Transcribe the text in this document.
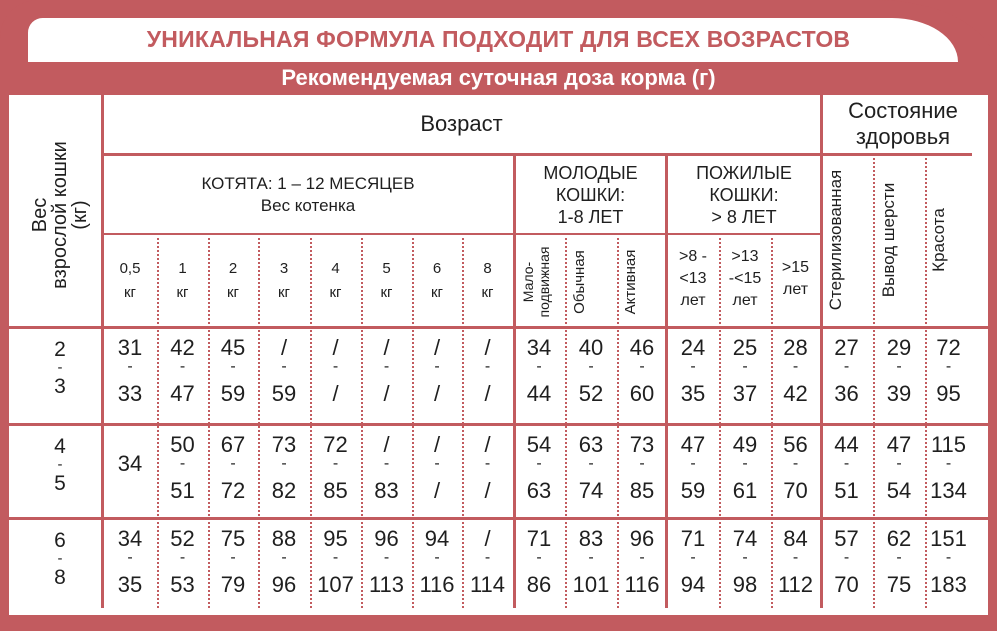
УНИКАЛЬНАЯ ФОРМУЛА ПОДХОДИТ ДЛЯ ВСЕХ ВОЗРАСТОВ
Рекомендуемая суточная доза корма (г)
Вес
взрослой кошки
(кг)
Возраст
Состояние
здоровья
КОТЯТА: 1 – 12 МЕСЯЦЕВ
Вес котенка
МОЛОДЫЕ
КОШКИ:
1-8 ЛЕТ
ПОЖИЛЫЕ
КОШКИ:
> 8 ЛЕТ
0,5
кг
1
кг
2
кг
3
кг
4
кг
5
кг
6
кг
8
кг Мало- подвижная Обычная Активная >8 -
<13
лет
>13
-<15
лет
>15
лет Стерилизованная Вывод шерсти Красота
2
-
3
31
-
33
42
-
47
45
-
59
/
-
59
/
-
/
/
-
/
/
-
/
/
-
/
34
-
44
40
-
52
46
-
60
24
-
35
25
-
37
28
-
42
27
-
36
29
-
39
72
-
95
4
-
5
34
50
-
51
67
-
72
73
-
82
72
-
85
/
-
83
/
-
/
/
-
/
54
-
63
63
-
74
73
-
85
47
-
59
49
-
61
56
-
70
44
-
51
47
-
54
115
-
134
6
-
8
34
-
35
52
-
53
75
-
79
88
-
96
95
-
107
96
-
113
94
-
116
/
-
114
71
-
86
83
-
101
96
-
116
71
-
94
74
-
98
84
-
112
57
-
70
62
-
75
151
-
183
